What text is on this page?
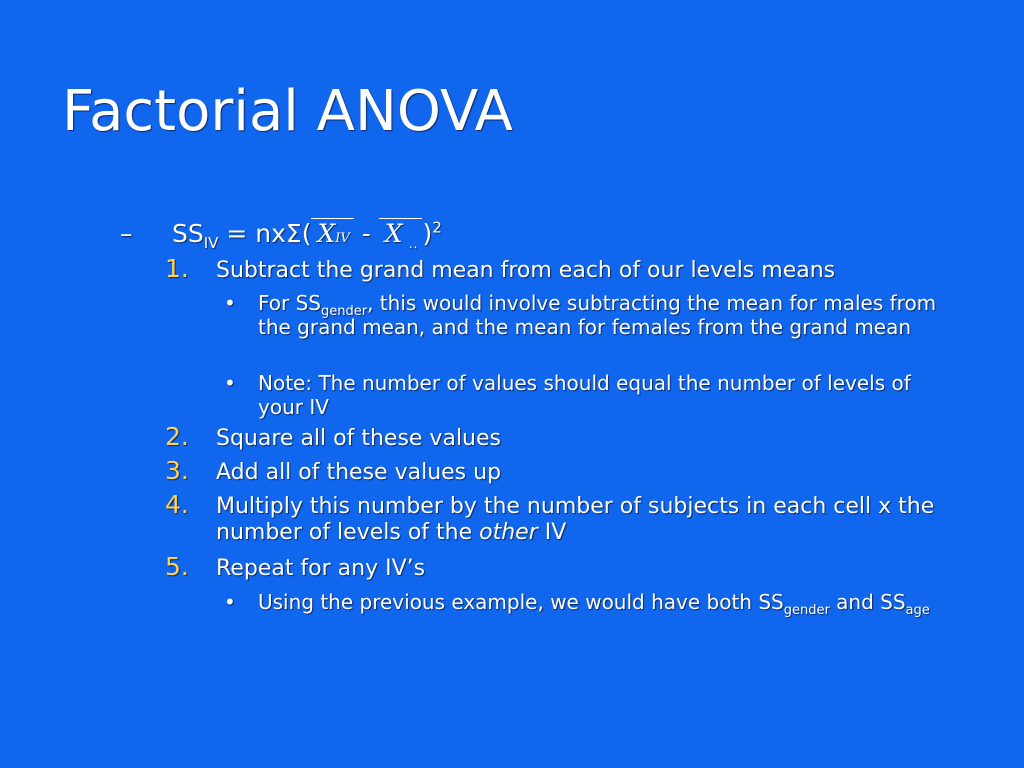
Factorial ANOVA
– $SS_{IV} = nx\Sigma$( XIV - X .. )$^2$
1.	Subtract the grand mean from each of our levels means
•	For $SS_{gender}$, this would involve subtracting the mean for males from the grand mean, and the mean for females from the grand mean
•	Note: The number of values should equal the number of levels of your IV
2.	Square all of these values
3.	Add all of these values up
4.	Multiply this number by the number of subjects in each cell x the number of levels of the other IV
5.	Repeat for any IV’s
•	Using the previous example, we would have both $SS_{gender}$ and $SS_{age}$
